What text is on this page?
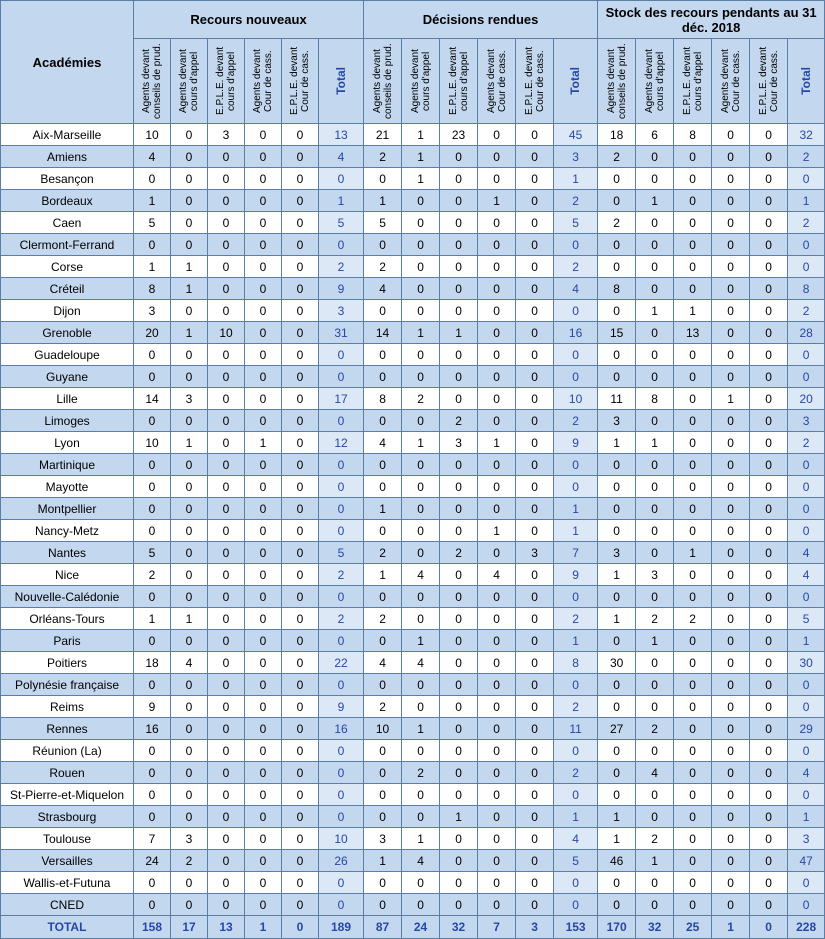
Académies	Recours nouveaux						Décisions rendues						Stock des recours pendants au 31 déc. 2018					

	Agents devant conseils de prud.	Agents devant cours d'appel	E.P.L.E. devant cours d'appel	Agents devant Cour de cass.	E.P.L.E. devant Cour de cass.	Total	Agents devant conseils de prud.	Agents devant cours d'appel	E.P.L.E. devant cours d'appel	Agents devant Cour de cass.	E.P.L.E. devant Cour de cass.	Total	Agents devant conseils de prud.	Agents devant cours d'appel	E.P.L.E. devant cours d'appel	Agents devant Cour de cass.	E.P.L.E. devant Cour de cass.	Total

Aix-Marseille	10	0	3	0	0	13	21	1	23	0	0	45	18	6	8	0	0	32
Amiens	4	0	0	0	0	4	2	1	0	0	0	3	2	0	0	0	0	2
Besançon	0	0	0	0	0	0	0	1	0	0	0	1	0	0	0	0	0	0
Bordeaux	1	0	0	0	0	1	1	0	0	1	0	2	0	1	0	0	0	1
Caen	5	0	0	0	0	5	5	0	0	0	0	5	2	0	0	0	0	2
Clermont-Ferrand	0	0	0	0	0	0	0	0	0	0	0	0	0	0	0	0	0	0
Corse	1	1	0	0	0	2	2	0	0	0	0	2	0	0	0	0	0	0
Créteil	8	1	0	0	0	9	4	0	0	0	0	4	8	0	0	0	0	8
Dijon	3	0	0	0	0	3	0	0	0	0	0	0	0	1	1	0	0	2
Grenoble	20	1	10	0	0	31	14	1	1	0	0	16	15	0	13	0	0	28
Guadeloupe	0	0	0	0	0	0	0	0	0	0	0	0	0	0	0	0	0	0
Guyane	0	0	0	0	0	0	0	0	0	0	0	0	0	0	0	0	0	0
Lille	14	3	0	0	0	17	8	2	0	0	0	10	11	8	0	1	0	20
Limoges	0	0	0	0	0	0	0	0	2	0	0	2	3	0	0	0	0	3
Lyon	10	1	0	1	0	12	4	1	3	1	0	9	1	1	0	0	0	2
Martinique	0	0	0	0	0	0	0	0	0	0	0	0	0	0	0	0	0	0
Mayotte	0	0	0	0	0	0	0	0	0	0	0	0	0	0	0	0	0	0
Montpellier	0	0	0	0	0	0	1	0	0	0	0	1	0	0	0	0	0	0
Nancy-Metz	0	0	0	0	0	0	0	0	0	1	0	1	0	0	0	0	0	0
Nantes	5	0	0	0	0	5	2	0	2	0	3	7	3	0	1	0	0	4
Nice	2	0	0	0	0	2	1	4	0	4	0	9	1	3	0	0	0	4
Nouvelle-Calédonie	0	0	0	0	0	0	0	0	0	0	0	0	0	0	0	0	0	0
Orléans-Tours	1	1	0	0	0	2	2	0	0	0	0	2	1	2	2	0	0	5
Paris	0	0	0	0	0	0	0	1	0	0	0	1	0	1	0	0	0	1
Poitiers	18	4	0	0	0	22	4	4	0	0	0	8	30	0	0	0	0	30
Polynésie française	0	0	0	0	0	0	0	0	0	0	0	0	0	0	0	0	0	0
Reims	9	0	0	0	0	9	2	0	0	0	0	2	0	0	0	0	0	0
Rennes	16	0	0	0	0	16	10	1	0	0	0	11	27	2	0	0	0	29
Réunion (La)	0	0	0	0	0	0	0	0	0	0	0	0	0	0	0	0	0	0
Rouen	0	0	0	0	0	0	0	2	0	0	0	2	0	4	0	0	0	4
St-Pierre-et-Miquelon	0	0	0	0	0	0	0	0	0	0	0	0	0	0	0	0	0	0
Strasbourg	0	0	0	0	0	0	0	0	1	0	0	1	1	0	0	0	0	1
Toulouse	7	3	0	0	0	10	3	1	0	0	0	4	1	2	0	0	0	3
Versailles	24	2	0	0	0	26	1	4	0	0	0	5	46	1	0	0	0	47
Wallis-et-Futuna	0	0	0	0	0	0	0	0	0	0	0	0	0	0	0	0	0	0
CNED	0	0	0	0	0	0	0	0	0	0	0	0	0	0	0	0	0	0
TOTAL	158	17	13	1	0	189	87	24	32	7	3	153	170	32	25	1	0	228
